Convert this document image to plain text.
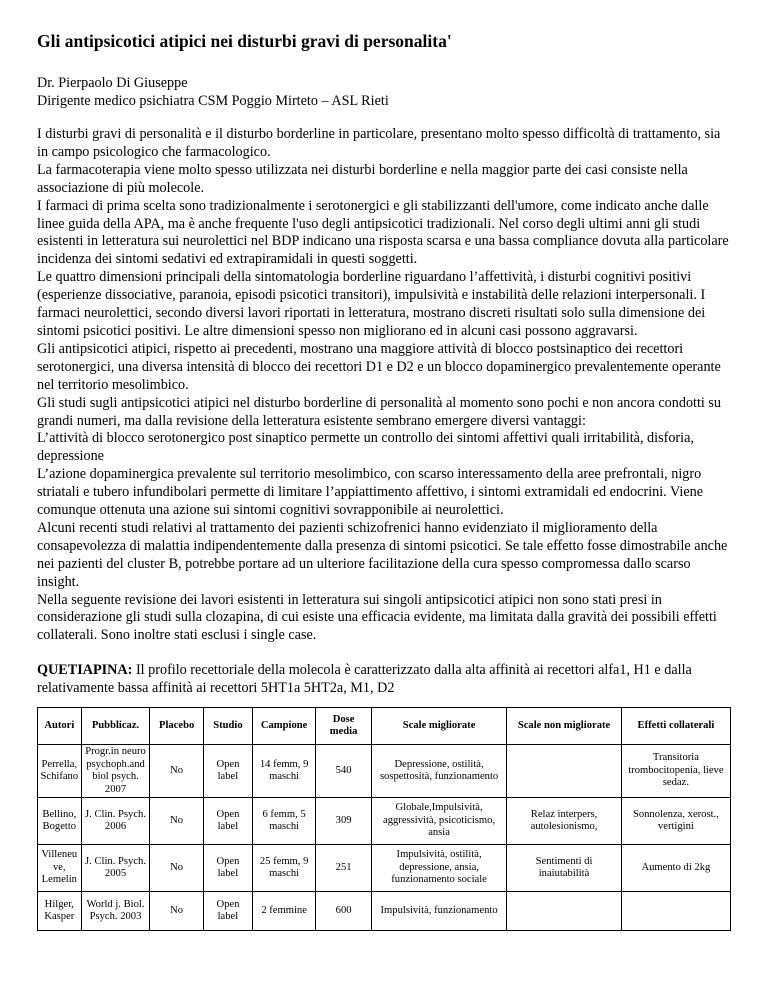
Gli antipsicotici atipici nei disturbi gravi di personalita'
Dr. Pierpaolo Di Giuseppe
Dirigente medico psichiatra CSM Poggio Mirteto – ASL Rieti

I disturbi gravi di personalità e il disturbo borderline in particolare, presentano molto spesso difficoltà di trattamento, sia in campo psicologico che farmacologico.

La farmacoterapia viene molto spesso utilizzata nei disturbi borderline e nella maggior parte dei casi consiste nella associazione di più molecole.

I farmaci di prima scelta sono tradizionalmente i serotonergici e gli stabilizzanti dell'umore, come indicato anche dalle linee guida della APA, ma è anche frequente l'uso degli antipsicotici tradizionali. Nel corso degli ultimi anni gli studi esistenti in letteratura sui neurolettici nel BDP indicano una risposta scarsa e una bassa compliance dovuta alla particolare incidenza dei sintomi sedativi ed extrapiramidali in questi soggetti.

Le quattro dimensioni principali della sintomatologia borderline riguardano l’affettività, i disturbi cognitivi positivi (esperienze dissociative, paranoia, episodi psicotici transitori), impulsività e instabilità delle relazioni interpersonali. I farmaci neurolettici, secondo diversi lavori riportati in letteratura, mostrano discreti risultati solo sulla dimensione dei sintomi psicotici positivi. Le altre dimensioni spesso non migliorano ed in alcuni casi possono aggravarsi.

Gli antipsicotici atipici, rispetto ai precedenti, mostrano una maggiore attività di blocco postsinaptico dei recettori serotonergici, una diversa intensità di blocco dei recettori D1 e D2 e un blocco dopaminergico prevalentemente operante nel territorio mesolimbico.

Gli studi sugli antipsicotici atipici nel disturbo borderline di personalità al momento sono pochi e non ancora condotti su grandi numeri, ma dalla revisione della letteratura esistente sembrano emergere diversi vantaggi:

L’attività di blocco serotonergico post sinaptico permette un controllo dei sintomi affettivi quali irritabilità, disforia, depressione

L’azione dopaminergica prevalente sul territorio mesolimbico, con scarso interessamento della aree prefrontali, nigro striatali e tubero infundibolari permette di limitare l’appiattimento affettivo, i sintomi extramidali ed endocrini. Viene comunque ottenuta una azione sui sintomi cognitivi sovrapponibile ai neurolettici.

Alcuni recenti studi relativi al trattamento dei pazienti schizofrenici hanno evidenziato il miglioramento della consapevolezza di malattia indipendentemente dalla presenza di sintomi psicotici. Se tale effetto fosse dimostrabile anche nei pazienti del cluster B, potrebbe portare ad un ulteriore facilitazione della cura spesso compromessa dallo scarso insight.

Nella seguente revisione dei lavori esistenti in letteratura sui singoli antipsicotici atipici non sono stati presi in considerazione gli studi sulla clozapina, di cui esiste una efficacia evidente, ma limitata dalla gravità dei possibili effetti collaterali. Sono inoltre stati esclusi i single case.

QUETIAPINA: Il profilo recettoriale della molecola è caratterizzato dalla alta affinità ai recettori alfa1, H1 e dalla relativamente bassa affinità ai recettori 5HT1a 5HT2a, M1, D2
Autori	Pubblicaz.	Placebo	Studio	Campione	Dose media	Scale migliorate	Scale non migliorate	Effetti collaterali
Perrella, Schifano	Progr.in neuro psychoph.and biol psych. 2007	No	Open label	14 femm, 9 maschi	540	Depressione, ostilità, sospettosità, funzionamento		Transitoria trombocitopenia, lieve sedaz.
Bellino, Bogetto	J. Clin. Psych. 2006	No	Open label	6 femm, 5 maschi	309	Globale,Impulsività, aggressività, psicoticismo, ansia	Relaz interpers, autolesionismo,	Sonnolenza, xerost., vertigini
Villeneuve, Lemelin	J. Clin. Psych. 2005	No	Open label	25 femm, 9 maschi	251	Impulsività, ostilità, depressione, ansia, funzionamento sociale	Sentimenti di inaiutabilità	Aumento di 2kg
Hilger, Kasper	World j. Biol. Psych. 2003	No	Open label	2 femmine	600	Impulsività, funzionamento		
